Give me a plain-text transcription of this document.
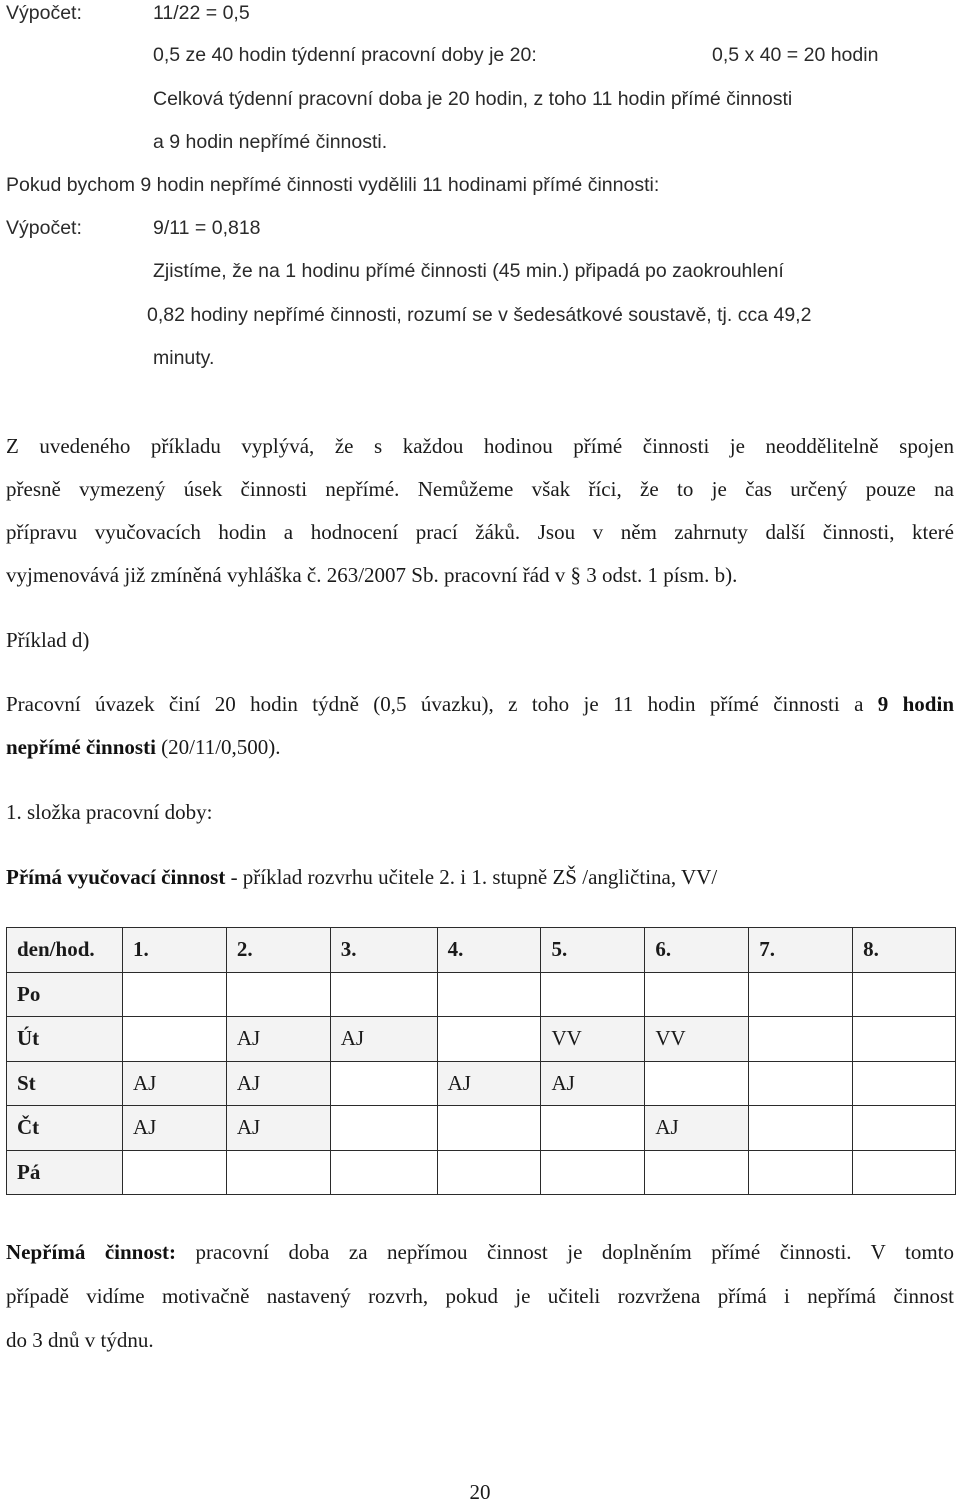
Výpočet:	11/22 = 0,5
0,5 ze 40 hodin týdenní pracovní doby je 20:	0,5 x 40 = 20 hodin
Celková týdenní pracovní doba je 20 hodin, z toho 11 hodin přímé činnosti
a 9 hodin nepřímé činnosti.
Pokud bychom 9 hodin nepřímé činnosti vydělili 11 hodinami přímé činnosti:
Výpočet:	9/11 = 0,818
Zjistíme, že na 1 hodinu přímé činnosti (45 min.) připadá po zaokrouhlení
0,82 hodiny nepřímé činnosti, rozumí se v šedesátkové soustavě, tj. cca 49,2
minuty.
Z uvedeného příkladu vyplývá, že s každou hodinou přímé činnosti je neoddělitelně spojen
přesně vymezený úsek činnosti nepřímé. Nemůžeme však říci, že to je čas určený pouze na
přípravu vyučovacích hodin a hodnocení prací žáků. Jsou v něm zahrnuty další činnosti, které
vyjmenovává již zmíněná vyhláška č. 263/2007 Sb. pracovní řád v § 3 odst. 1 písm. b).
Příklad d)
Pracovní úvazek činí 20 hodin týdně (0,5 úvazku), z toho je 11 hodin přímé činnosti a 9 hodin
nepřímé činnosti (20/11/0,500).
1. složka pracovní doby:
Přímá vyučovací činnost - příklad rozvrhu učitele 2. i 1. stupně ZŠ /angličtina, VV/
den/hod.	1.	2.	3.	4.	5.	6.	7.	8.
Po								
Út		AJ	AJ		VV	VV		
St	AJ	AJ		AJ	AJ			
Čt	AJ	AJ				AJ		
Pá								
Nepřímá činnost: pracovní doba za nepřímou činnost je doplněním přímé činnosti. V tomto
případě vidíme motivačně nastavený rozvrh, pokud je učiteli rozvržena přímá i nepřímá činnost
do 3 dnů v týdnu.
20
